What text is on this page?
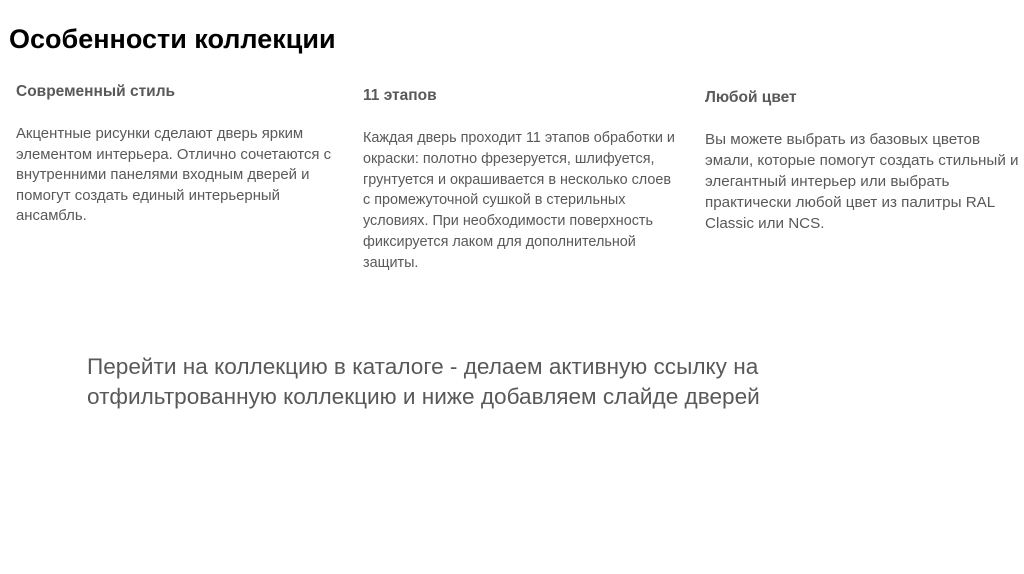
Особенности коллекции
Современный стиль

Акцентные рисунки сделают дверь ярким элементом интерьера. Отлично сочетаются с внутренними панелями входным дверей и помогут создать единый интерьерный ансамбль.

11 этапов

Каждая дверь проходит 11 этапов обработки и окраски: полотно фрезеруется, шлифуется, грунтуется и окрашивается в несколько слоев с промежуточной сушкой в стерильных условиях. При необходимости поверхность фиксируется лаком для дополнительной защиты.

Любой цвет

Вы можете выбрать из базовых цветов эмали, которые помогут создать стильный и элегантный интерьер или выбрать практически любой цвет из палитры RAL Classic или NCS.

Перейти на коллекцию в каталоге - делаем активную ссылку на отфильтрованную коллекцию и ниже добавляем слайде дверей
